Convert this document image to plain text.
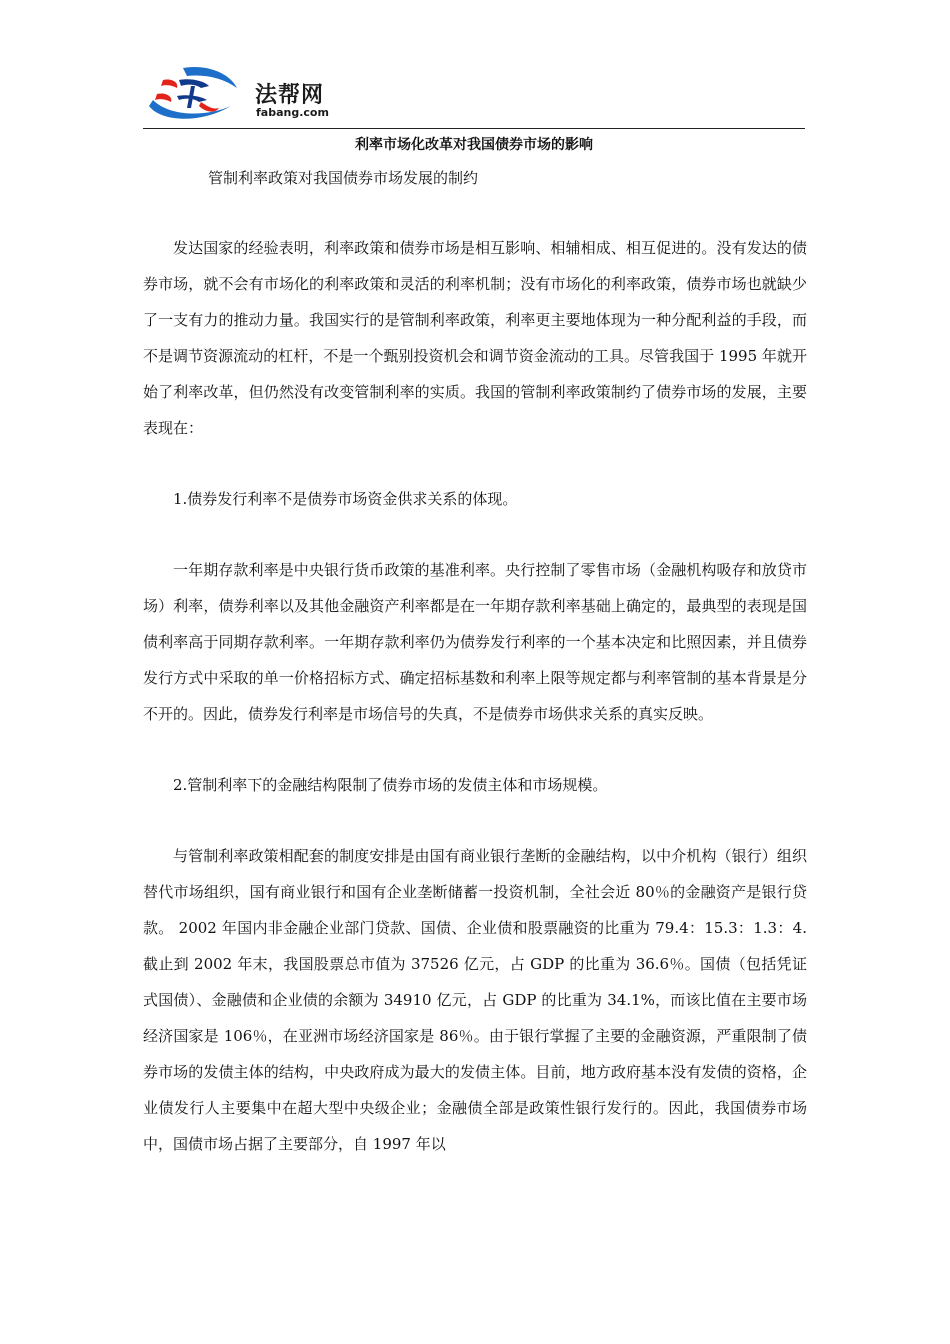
法帮网
fabang.com
利率市场化改革对我国债券市场的影响
管制利率政策对我国债券市场发展的制约

发达国家的经验表明，利率政策和债券市场是相互影响、相辅相成、相互促进的。没有发达的债券市场，就不会有市场化的利率政策和灵活的利率机制；没有市场化的利率政策，债券市场也就缺少了一支有力的推动力量。我国实行的是管制利率政策，利率更主要地体现为一种分配利益的手段，而不是调节资源流动的杠杆，不是一个甄别投资机会和调节资金流动的工具。尽管我国于 1995 年就开始了利率改革，但仍然没有改变管制利率的实质。我国的管制利率政策制约了债券市场的发展，主要表现在：

1.债券发行利率不是债券市场资金供求关系的体现。

一年期存款利率是中央银行货币政策的基准利率。央行控制了零售市场（金融机构吸存和放贷市场）利率，债券利率以及其他金融资产利率都是在一年期存款利率基础上确定的，最典型的表现是国债利率高于同期存款利率。一年期存款利率仍为债券发行利率的一个基本决定和比照因素，并且债券发行方式中采取的单一价格招标方式、确定招标基数和利率上限等规定都与利率管制的基本背景是分不开的。因此，债券发行利率是市场信号的失真，不是债券市场供求关系的真实反映。

2.管制利率下的金融结构限制了债券市场的发债主体和市场规模。

与管制利率政策相配套的制度安排是由国有商业银行垄断的金融结构，以中介机构（银行）组织替代市场组织，国有商业银行和国有企业垄断储蓄一投资机制，全社会近 80％的金融资产是银行贷款。 2002 年国内非金融企业部门贷款、国债、企业债和股票融资的比重为 79.4：15.3：1.3：4.截止到 2002 年末，我国股票总市值为 37526 亿元，占 GDP 的比重为 36.6％。国债（包括凭证式国债）、金融债和企业债的余额为 34910 亿元，占 GDP 的比重为 34.1%，而该比值在主要市场经济国家是 106％，在亚洲市场经济国家是 86％。由于银行掌握了主要的金融资源，严重限制了债券市场的发债主体的结构，中央政府成为最大的发债主体。目前，地方政府基本没有发债的资格，企业债发行人主要集中在超大型中央级企业；金融债全部是政策性银行发行的。因此，我国债券市场中，国债市场占据了主要部分，自 1997 年以
